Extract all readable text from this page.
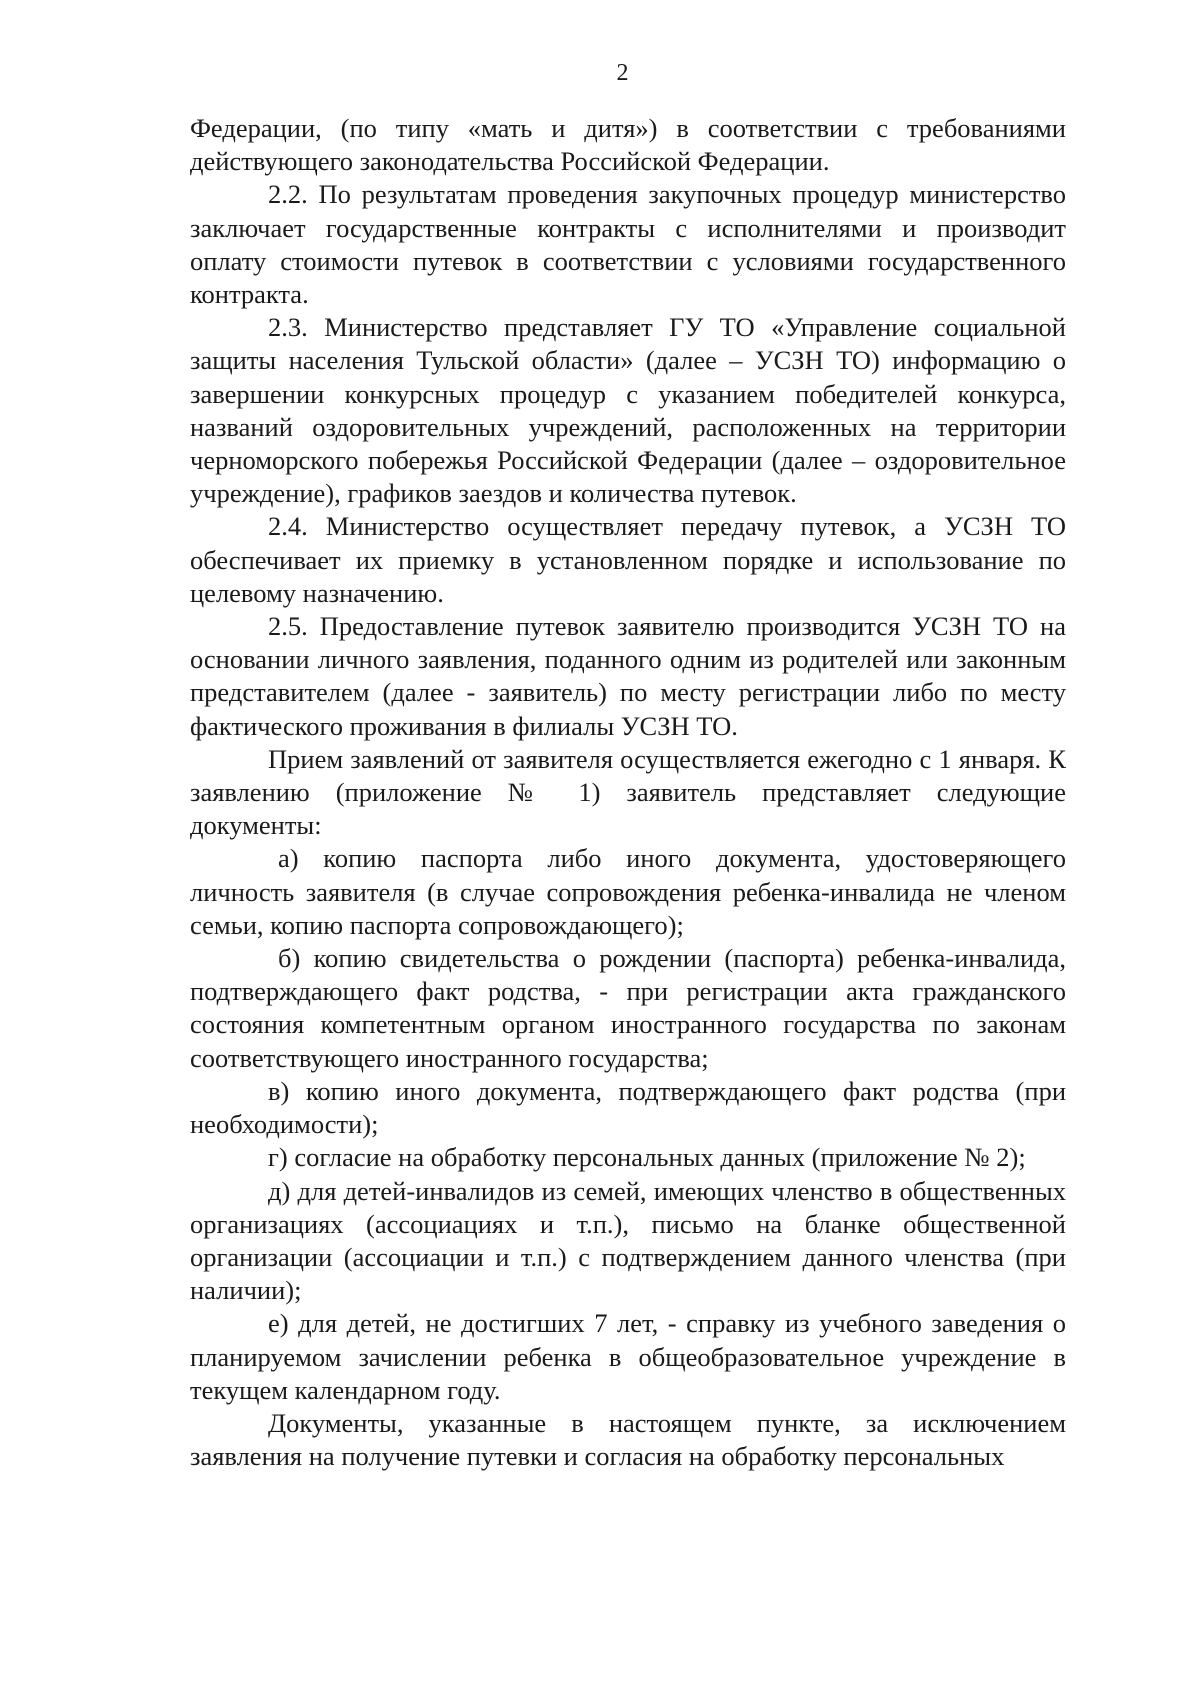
2

Федерации, (по типу «мать и дитя») в соответствии с требованиями действующего законодательства Российской Федерации.

2.2. По результатам проведения закупочных процедур министерство заключает государственные контракты с исполнителями и производит оплату стоимости путевок в соответствии с условиями государственного контракта.

2.3. Министерство представляет ГУ ТО «Управление социальной защиты населения Тульской области» (далее – УСЗН ТО) информацию о завершении конкурсных процедур с указанием победителей конкурса, названий оздоровительных учреждений, расположенных на территории черноморского побережья Российской Федерации (далее – оздоровительное учреждение), графиков заездов и количества путевок.

2.4. Министерство осуществляет передачу путевок, а УСЗН ТО обеспечивает их приемку в установленном порядке и использование по целевому назначению.

2.5. Предоставление путевок заявителю производится УСЗН ТО на основании личного заявления, поданного одним из родителей или законным представителем (далее - заявитель) по месту регистрации либо по месту фактического проживания в филиалы УСЗН ТО.

Прием заявлений от заявителя осуществляется ежегодно с 1 января. К заявлению (приложение № 1) заявитель представляет следующие документы:

а) копию паспорта либо иного документа, удостоверяющего личность заявителя (в случае сопровождения ребенка-инвалида не членом семьи, копию паспорта сопровождающего);

б) копию свидетельства о рождении (паспорта) ребенка-инвалида, подтверждающего факт родства, - при регистрации акта гражданского состояния компетентным органом иностранного государства по законам соответствующего иностранного государства;

в) копию иного документа, подтверждающего факт родства (при необходимости);

г) согласие на обработку персональных данных (приложение № 2);

д) для детей-инвалидов из семей, имеющих членство в общественных организациях (ассоциациях и т.п.), письмо на бланке общественной организации (ассоциации и т.п.) с подтверждением данного членства (при наличии);

е) для детей, не достигших 7 лет, - справку из учебного заведения о планируемом зачислении ребенка в общеобразовательное учреждение в текущем календарном году.

Документы, указанные в настоящем пункте, за исключением заявления на получение путевки и согласия на обработку персональных
